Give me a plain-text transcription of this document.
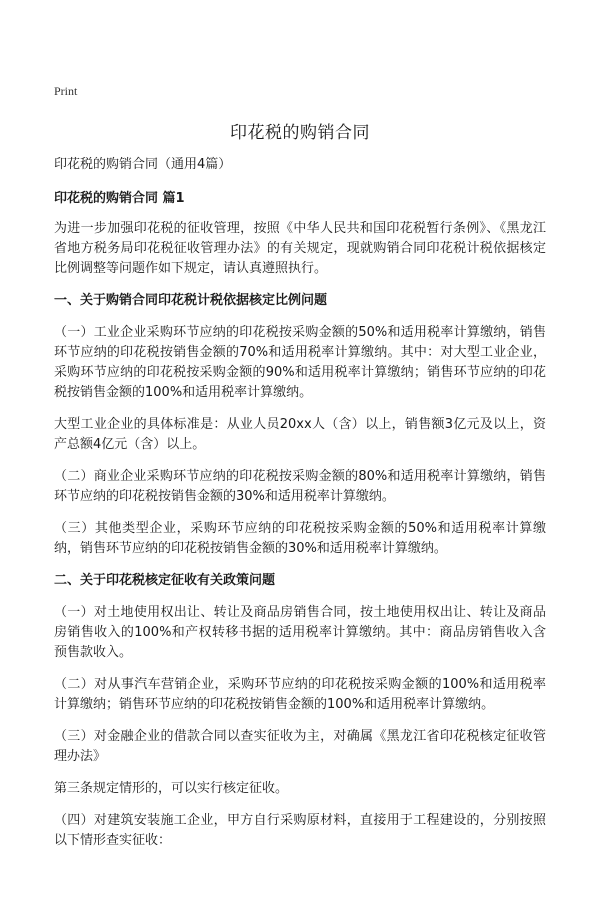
Print
印花税的购销合同

印花税的购销合同（通用4篇）

印花税的购销合同 篇1

为进一步加强印花税的征收管理，按照《中华人民共和国印花税暂行条例》、《黑龙江省地方税务局印花税征收管理办法》的有关规定，现就购销合同印花税计税依据核定比例调整等问题作如下规定，请认真遵照执行。

一、关于购销合同印花税计税依据核定比例问题

（一）工业企业采购环节应纳的印花税按采购金额的50%和适用税率计算缴纳，销售环节应纳的印花税按销售金额的70%和适用税率计算缴纳。其中：对大型工业企业，采购环节应纳的印花税按采购金额的90%和适用税率计算缴纳；销售环节应纳的印花税按销售金额的100%和适用税率计算缴纳。

大型工业企业的具体标准是：从业人员20xx人（含）以上，销售额3亿元及以上，资产总额4亿元（含）以上。

（二）商业企业采购环节应纳的印花税按采购金额的80%和适用税率计算缴纳，销售环节应纳的印花税按销售金额的30%和适用税率计算缴纳。

（三）其他类型企业，采购环节应纳的印花税按采购金额的50%和适用税率计算缴纳，销售环节应纳的印花税按销售金额的30%和适用税率计算缴纳。

二、关于印花税核定征收有关政策问题

（一）对土地使用权出让、转让及商品房销售合同，按土地使用权出让、转让及商品房销售收入的100%和产权转移书据的适用税率计算缴纳。其中：商品房销售收入含预售款收入。

（二）对从事汽车营销企业，采购环节应纳的印花税按采购金额的100%和适用税率计算缴纳；销售环节应纳的印花税按销售金额的100%和适用税率计算缴纳。

（三）对金融企业的借款合同以查实征收为主，对确属《黑龙江省印花税核定征收管理办法》

第三条规定情形的，可以实行核定征收。

（四）对建筑安装施工企业，甲方自行采购原材料，直接用于工程建设的，分别按照以下情形查实征收：
